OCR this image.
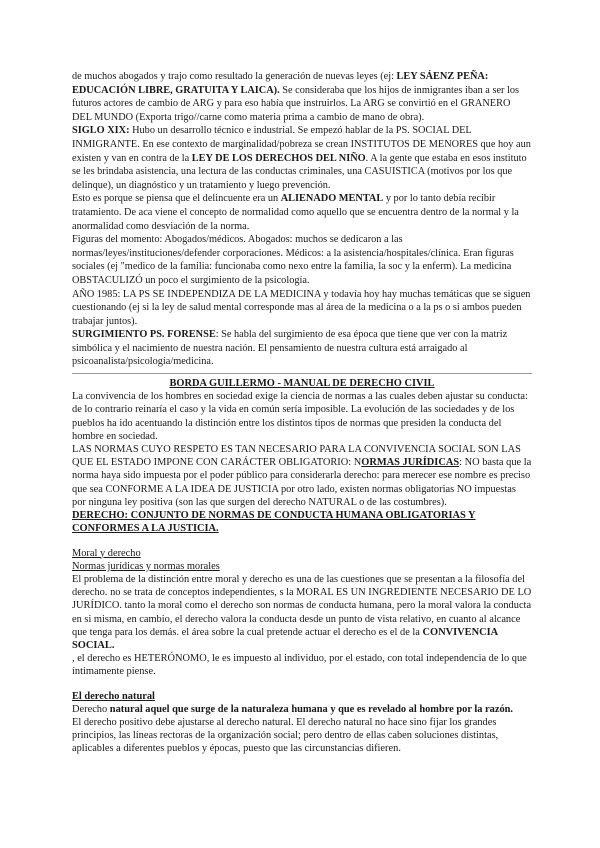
de muchos abogados y trajo como resultado la generación de nuevas leyes (ej: LEY SÁENZ PEÑA: EDUCACIÓN LIBRE, GRATUITA Y LAICA). Se consideraba que los hijos de inmigrantes iban a ser los futuros actores de cambio de ARG y para eso había que instruirlos. La ARG se convirtió en el GRANERO DEL MUNDO (Exporta trigo//carne como materia prima a cambio de mano de obra).

SIGLO XIX: Hubo un desarrollo técnico e industrial. Se empezó hablar de la PS. SOCIAL DEL INMIGRANTE. En ese contexto de marginalidad/pobreza se crean INSTITUTOS DE MENORES que hoy aun existen y van en contra de la LEY DE LOS DERECHOS DEL NIÑO. A la gente que estaba en esos instituto se les brindaba asistencia, una lectura de las conductas criminales, una CASUISTICA (motivos por los que delinque), un diagnóstico y un tratamiento y luego prevención.

Esto es porque se piensa que el delincuente era un ALIENADO MENTAL y por lo tanto debía recibir tratamiento. De aca viene el concepto de normalidad como aquello que se encuentra dentro de la normal y la anormalidad como desviación de la norma.

Figuras del momento: Abogados/médicos. Abogados: muchos se dedicaron a las normas/leyes/instituciones/defender corporaciones. Médicos: a la asistencia/hospitales/clínica. Eran figuras sociales (ej "medico de la familia: funcionaba como nexo entre la familia, la soc y la enferm). La medicina OBSTACULIZÓ un poco el surgimiento de la psicología.

AÑO 1985: LA PS SE INDEPENDIZA DE LA MEDICINA y todavía hoy hay muchas temáticas que se siguen cuestionando (ej si la ley de salud mental corresponde mas al área de la medicina o a la ps o si ambos pueden trabajar juntos).

SURGIMIENTO PS. FORENSE: Se habla del surgimiento de esa época que tiene que ver con la matriz simbólica y el nacimiento de nuestra nación. El pensamiento de nuestra cultura está arraigado al psicoanalista/psicología/medicina.

BORDA GUILLERMO - MANUAL DE DERECHO CIVIL

La convivencia de los hombres en sociedad exige la ciencia de normas a las cuales deben ajustar su conducta: de lo contrario reinaría el caso y la vida en común sería imposible. La evolución de las sociedades y de los pueblos ha ido acentuando la distinción entre los distintos tipos de normas que presiden la conducta del hombre en sociedad.

LAS NORMAS CUYO RESPETO ES TAN NECESARIO PARA LA CONVIVENCIA SOCIAL SON LAS QUE EL ESTADO IMPONE CON CARÁCTER OBLIGATORIO: NORMAS JURÍDICAS: NO basta que la norma haya sido impuesta por el poder público para considerarla derecho: para merecer ese nombre es preciso que sea CONFORME A LA IDEA DE JUSTICIA por otro lado, existen normas obligatorias NO impuestas por ninguna ley positiva (son las que surgen del derecho NATURAL o de las costumbres).

DERECHO: CONJUNTO DE NORMAS DE CONDUCTA HUMANA OBLIGATORIAS Y CONFORMES A LA JUSTICIA.

Moral y derecho

Normas jurídicas y normas morales

El problema de la distinción entre moral y derecho es una de las cuestiones que se presentan a la filosofía del derecho. no se trata de conceptos independientes, s la MORAL ES UN INGREDIENTE NECESARIO DE LO JURÍDICO. tanto la moral como el derecho son normas de conducta humana, pero la moral valora la conducta en si misma, en cambio, el derecho valora la conducta desde un punto de vista relativo, en cuanto al alcance que tenga para los demás. el área sobre la cual pretende actuar el derecho es el de la CONVIVENCIA SOCIAL.

, el derecho es HETERÓNOMO, le es impuesto al individuo, por el estado, con total independencia de lo que íntimamente piense.

El derecho natural

Derecho natural aquel que surge de la naturaleza humana y que es revelado al hombre por la razón.

El derecho positivo debe ajustarse al derecho natural. El derecho natural no hace sino fijar los grandes principios, las líneas rectoras de la organización social; pero dentro de ellas caben soluciones distintas, aplicables a diferentes pueblos y épocas, puesto que las circunstancias difieren.
